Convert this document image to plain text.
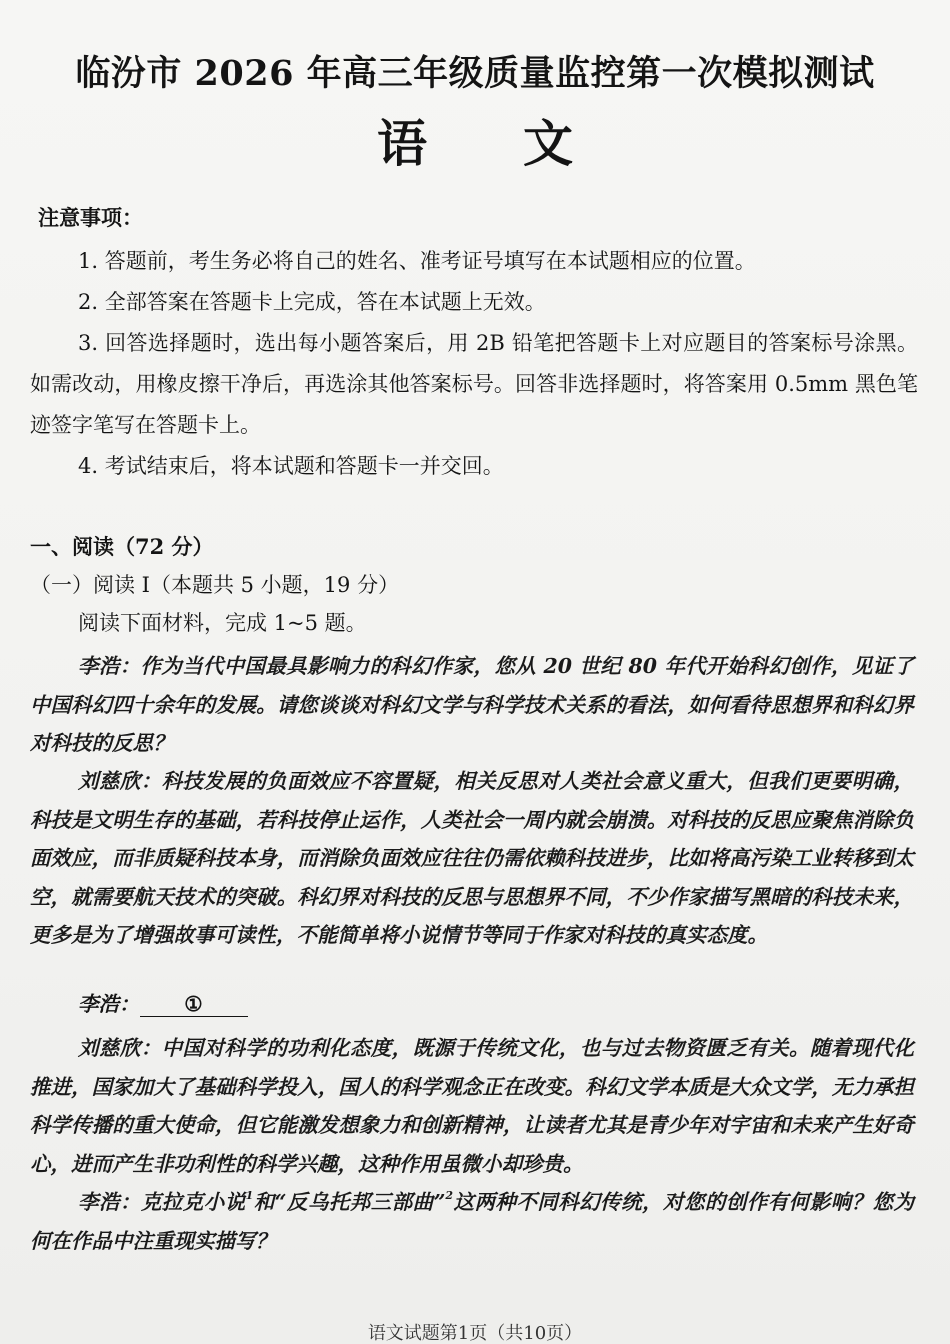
临汾市 2026 年高三年级质量监控第一次模拟测试
语文
注意事项：
1. 答题前，考生务必将自己的姓名、准考证号填写在本试题相应的位置。
2. 全部答案在答题卡上完成，答在本试题上无效。
3. 回答选择题时，选出每小题答案后，用 2B 铅笔把答题卡上对应题目的答案标号涂黑。如需改动，用橡皮擦干净后，再选涂其他答案标号。回答非选择题时，将答案用 0.5mm 黑色笔迹签字笔写在答题卡上。
4. 考试结束后，将本试题和答题卡一并交回。
一、阅读（72 分）
（一）阅读 I（本题共 5 小题，19 分）
阅读下面材料，完成 1~5 题。
李浩：作为当代中国最具影响力的科幻作家，您从 20 世纪 80 年代开始科幻创作，见证了中国科幻四十余年的发展。请您谈谈对科幻文学与科学技术关系的看法，如何看待思想界和科幻界对科技的反思？
刘慈欣：科技发展的负面效应不容置疑，相关反思对人类社会意义重大，但我们更要明确，科技是文明生存的基础，若科技停止运作，人类社会一周内就会崩溃。对科技的反思应聚焦消除负面效应，而非质疑科技本身，而消除负面效应往往仍需依赖科技进步，比如将高污染工业转移到太空，就需要航天技术的突破。科幻界对科技的反思与思想界不同，不少作家描写黑暗的科技未来，更多是为了增强故事可读性，不能简单将小说情节等同于作家对科技的真实态度。
李浩： ①
刘慈欣：中国对科学的功利化态度，既源于传统文化，也与过去物资匮乏有关。随着现代化推进，国家加大了基础科学投入，国人的科学观念正在改变。科幻文学本质是大众文学，无力承担科学传播的重大使命，但它能激发想象力和创新精神，让读者尤其是青少年对宇宙和未来产生好奇心，进而产生非功利性的科学兴趣，这种作用虽微小却珍贵。
李浩：克拉克小说$^1$和“反乌托邦三部曲”$^2$这两种不同科幻传统，对您的创作有何影响？您为何在作品中注重现实描写？
语文试题第1页（共10页）
